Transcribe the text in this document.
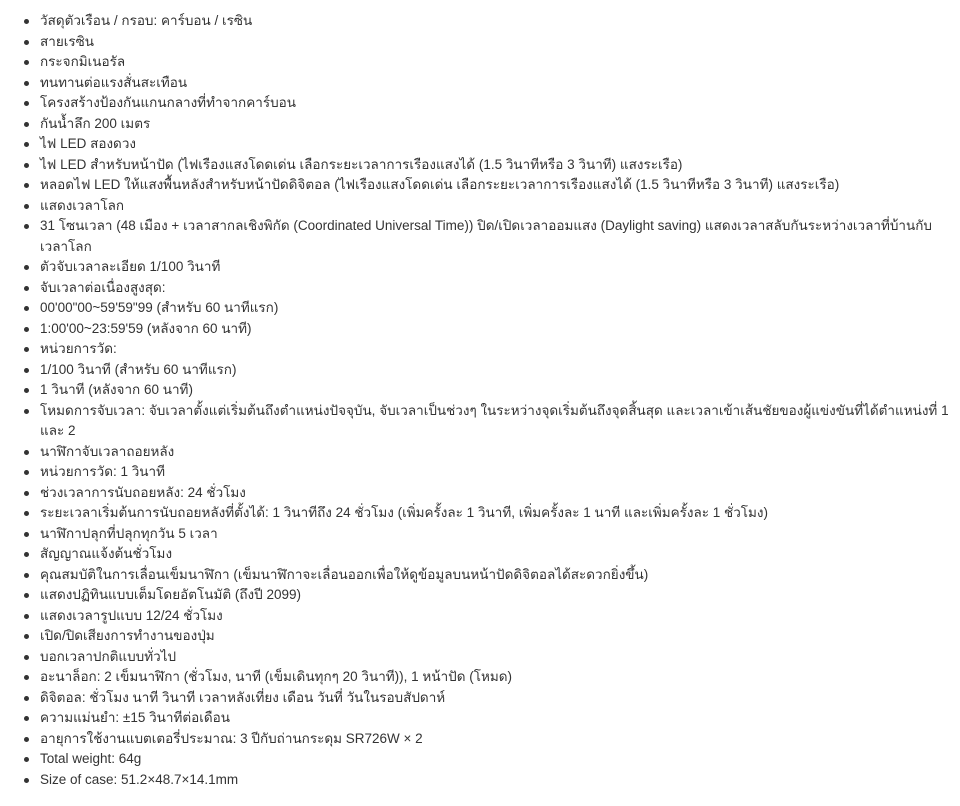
วัสดุตัวเรือน / กรอบ: คาร์บอน / เรซิน
สายเรซิน
กระจกมิเนอรัล
ทนทานต่อแรงสั่นสะเทือน
โครงสร้างป้องกันแกนกลางที่ทำจากคาร์บอน
กันน้ำลึก 200 เมตร
ไฟ LED สองดวง
ไฟ LED สำหรับหน้าปัด (ไฟเรืองแสงโดดเด่น เลือกระยะเวลาการเรืองแสงได้ (1.5 วินาทีหรือ 3 วินาที) แสงระเรือ)
หลอดไฟ LED ให้แสงพื้นหลังสำหรับหน้าปัดดิจิตอล (ไฟเรืองแสงโดดเด่น เลือกระยะเวลาการเรืองแสงได้ (1.5 วินาทีหรือ 3 วินาที) แสงระเรือ)
แสดงเวลาโลก
31 โซนเวลา (48 เมือง + เวลาสากลเชิงพิกัด (Coordinated Universal Time)) ปิด/เปิดเวลาออมแสง (Daylight saving) แสดงเวลาสลับกันระหว่างเวลาที่บ้านกับเวลาโลก
ตัวจับเวลาละเอียด 1/100 วินาที
จับเวลาต่อเนื่องสูงสุด:
00'00"00~59'59"99 (สำหรับ 60 นาทีแรก)
1:00'00~23:59'59 (หลังจาก 60 นาที)
หน่วยการวัด:
1/100 วินาที (สำหรับ 60 นาทีแรก)
1 วินาที (หลังจาก 60 นาที)
โหมดการจับเวลา: จับเวลาตั้งแต่เริ่มต้นถึงตำแหน่งปัจจุบัน, จับเวลาเป็นช่วงๆ ในระหว่างจุดเริ่มต้นถึงจุดสิ้นสุด และเวลาเข้าเส้นชัยของผู้แข่งขันที่ได้ตำแหน่งที่ 1 และ 2
นาฬิกาจับเวลาถอยหลัง
หน่วยการวัด: 1 วินาที
ช่วงเวลาการนับถอยหลัง: 24 ชั่วโมง
ระยะเวลาเริ่มต้นการนับถอยหลังที่ตั้งได้: 1 วินาทีถึง 24 ชั่วโมง (เพิ่มครั้งละ 1 วินาที, เพิ่มครั้งละ 1 นาที และเพิ่มครั้งละ 1 ชั่วโมง)
นาฬิกาปลุกที่ปลุกทุกวัน 5 เวลา
สัญญาณแจ้งต้นชั่วโมง
คุณสมบัติในการเลื่อนเข็มนาฬิกา (เข็มนาฬิกาจะเลื่อนออกเพื่อให้ดูข้อมูลบนหน้าปัดดิจิตอลได้สะดวกยิ่งขึ้น)
แสดงปฏิทินแบบเต็มโดยอัตโนมัติ (ถึงปี 2099)
แสดงเวลารูปแบบ 12/24 ชั่วโมง
เปิด/ปิดเสียงการทำงานของปุ่ม
บอกเวลาปกติแบบทั่วไป
อะนาล็อก: 2 เข็มนาฬิกา (ชั่วโมง, นาที (เข็มเดินทุกๆ 20 วินาที)), 1 หน้าปัด (โหมด)
ดิจิตอล: ชั่วโมง นาที วินาที เวลาหลังเที่ยง เดือน วันที่ วันในรอบสัปดาห์
ความแม่นยำ: ±15 วินาทีต่อเดือน
อายุการใช้งานแบตเตอรี่ประมาณ: 3 ปีกับถ่านกระดุม SR726W × 2
Total weight: 64g
Size of case: 51.2×48.7×14.1mm
